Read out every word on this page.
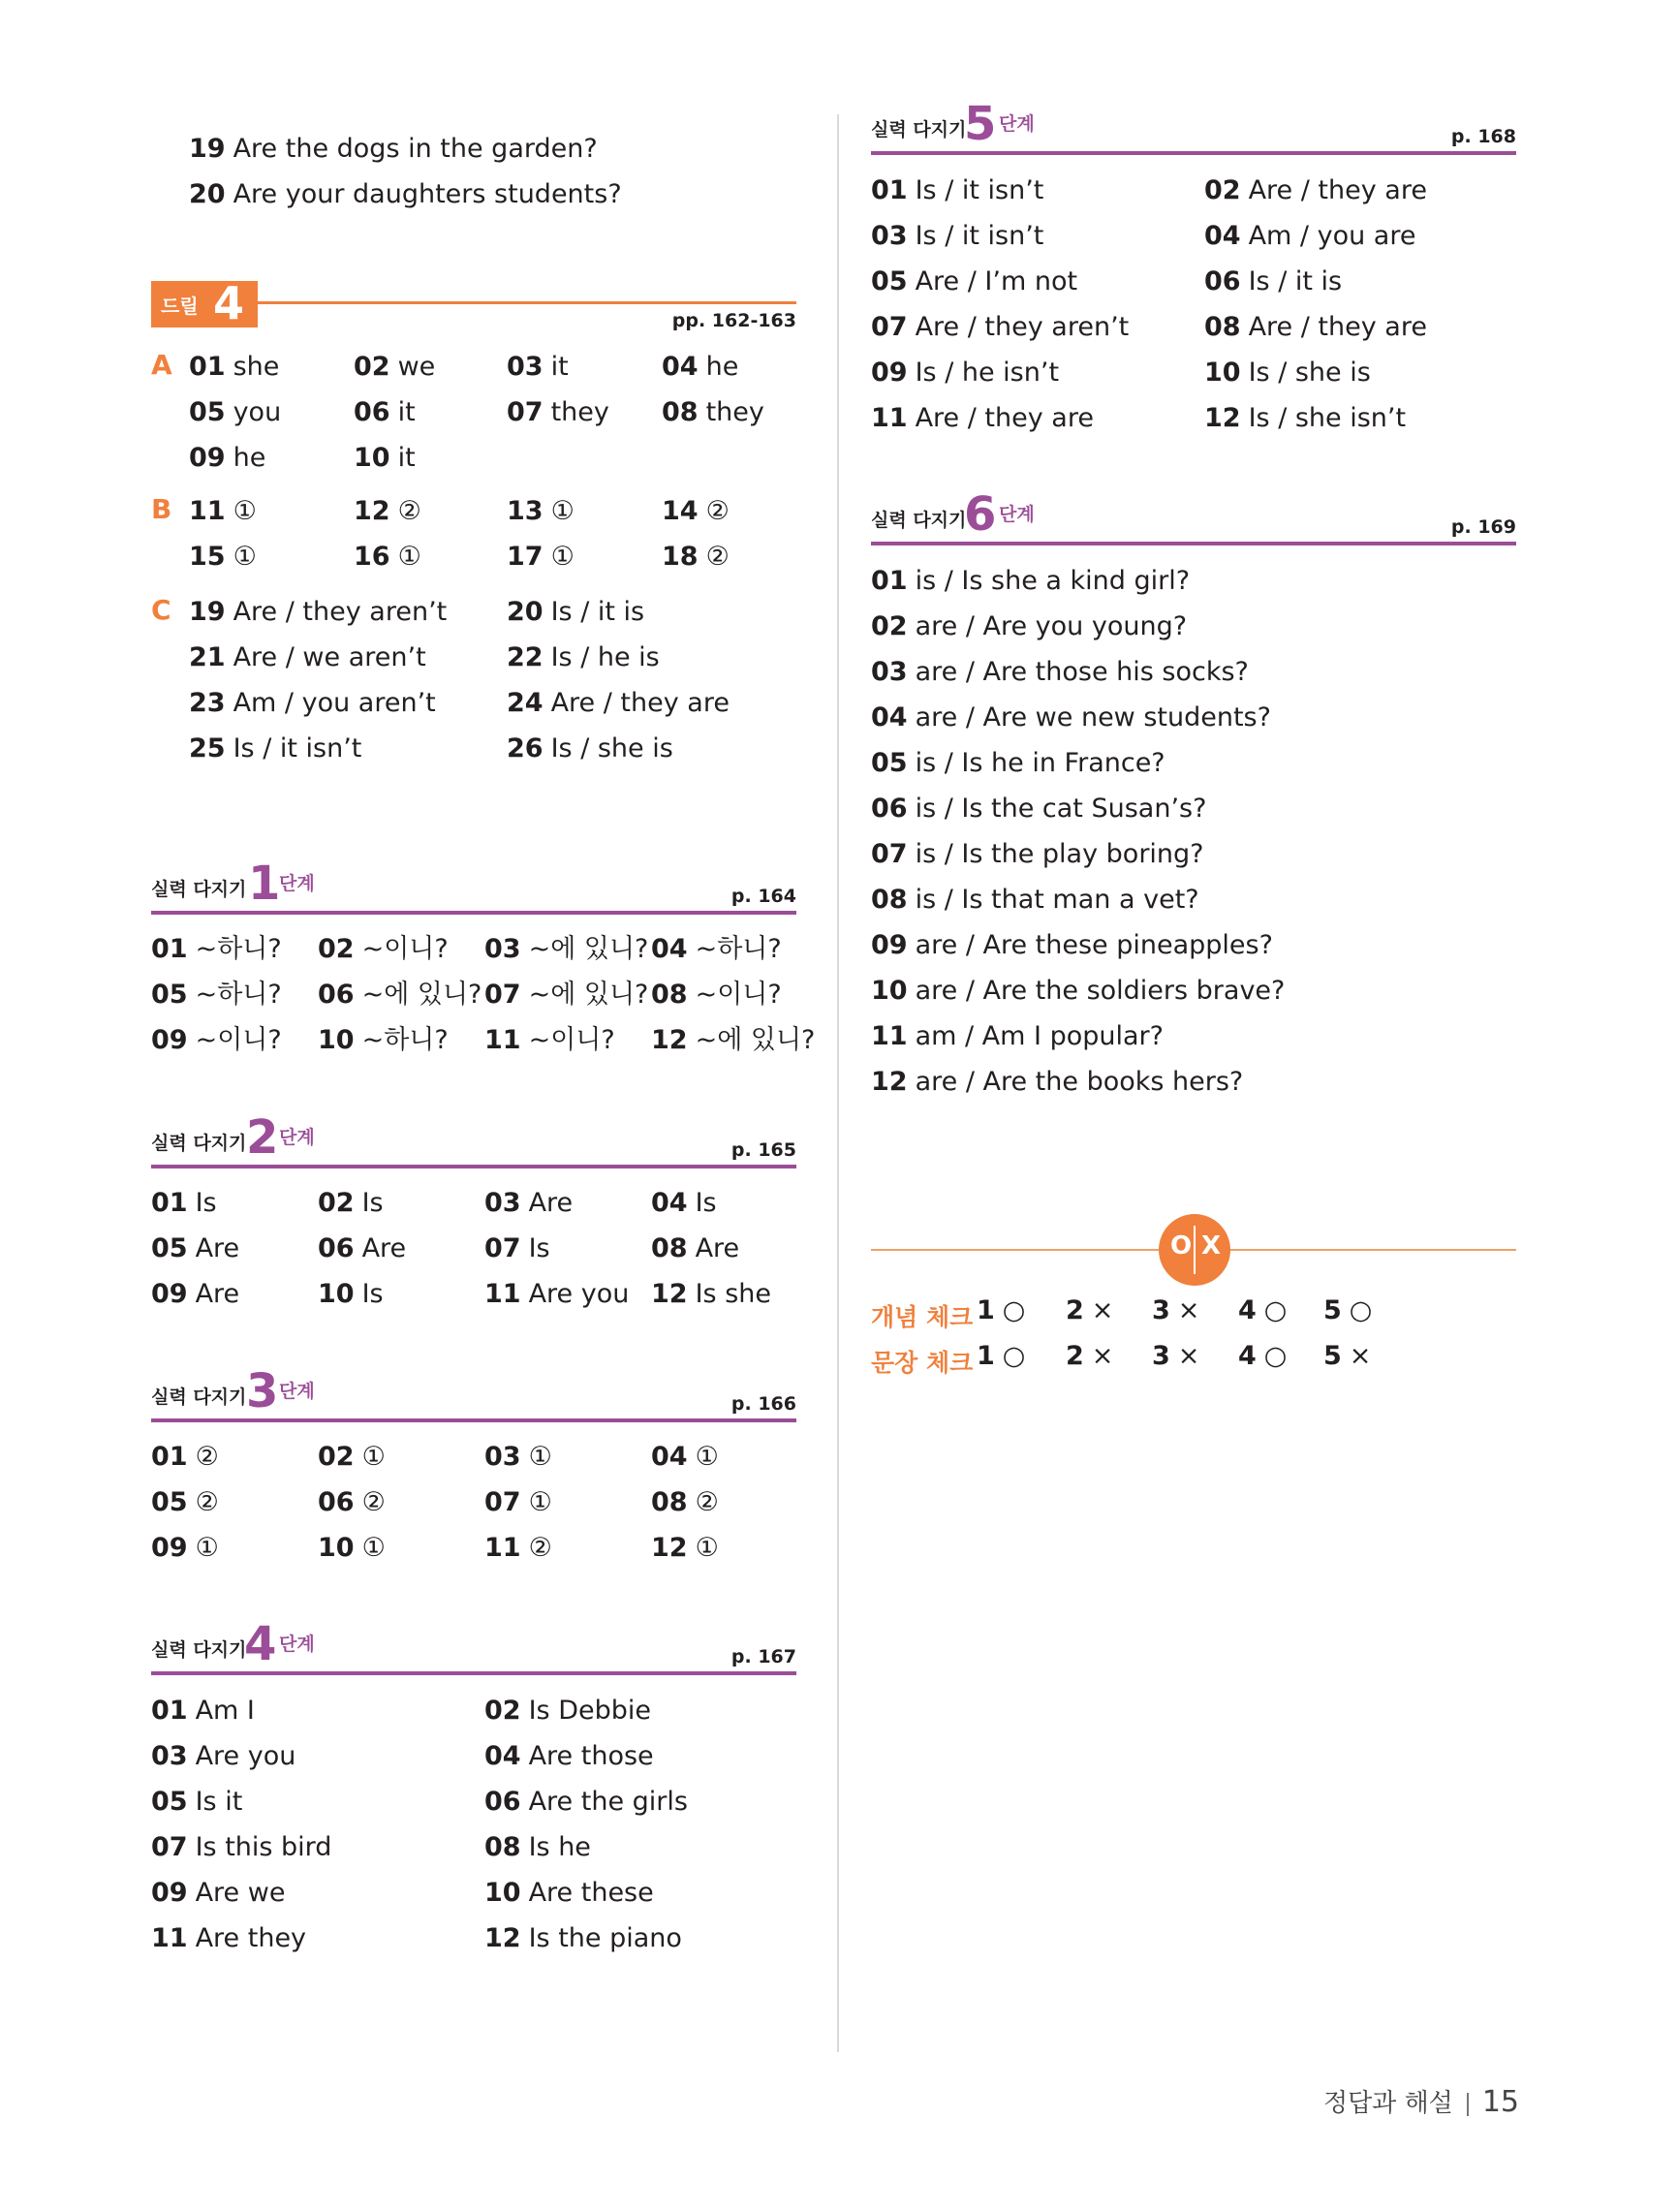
19 Are the dogs in the garden?
20 Are your daughters students?
드릴 4	pp. 162-163
A
B
C
01 she	02 we	03 it	04 he
05 you	06 it	07 they 08 they
09 he	10 it
11 ①	12 ②	13 ①	14 ②
15 ①	16 ①	17 ①	18 ②
19 Are / they aren’t 20 Is / it is
21 Are / we aren’t	22 Is / he is
23 Am / you aren’t	24 Are / they are
25 Is / it isn’t	26 Is / she is
실력 다지기 1
단계
p. 164
실력 다지기 2 단계
p. 165
실력 다지기 3 단계
p. 166
실력 다지기
4 단계
p. 167
실력 다지기
5 단계
p. 168
실력 다지기
6 단계
p. 169
01 ~하니? 02 ~이니? 03 ~에 있니? 04 ~하니?
05 ~하니? 06 ~에 있니? 07 ~에 있니? 08 ~이니?
09 ~이니? 10 ~하니? 11 ~이니? 12 ~에 있니?
01 Is	02 Is	03 Are	04 Is
05 Are	06 Are	07 Is	08 Are
09 Are	10 Is	11 Are you 12 Is she
01 ②	02 ①	03 ①	04 ①
05 ②	06 ②	07 ①	08 ②
09 ①	10 ①	11 ②	12 ①
01 Am I	02 Is Debbie
03 Are you	04 Are those
05 Is it	06 Are the girls
07 Is this bird	08 Is he
09 Are we	10 Are these
11 Are they	12 Is the piano
01 Is / it isn’t	02 Are / they are
03 Is / it isn’t	04 Am / you are
05 Are / I’m not	06 Is / it is
07 Are / they aren’t	08 Are / they are
09 Is / he isn’t	10 Is / she is
11 Are / they are	12 Is / she isn’t
01 is / Is she a kind girl?
02 are / Are you young?
03 are / Are those his socks?
04 are / Are we new students?
05 is / Is he in France?
06 is / Is the cat Susan’s?
07 is / Is the play boring?
08 is / Is that man a vet?
09 are / Are these pineapples?
10 are / Are the soldiers brave?
11 am / Am I popular?
12 are / Are the books hers?
O X
개념 체크
문장 체크
1 ○ 2 × 3 × 4 ○ 5 ○
1 ○ 2 × 3 × 4 ○ 5 ×
정답과 해설 15
